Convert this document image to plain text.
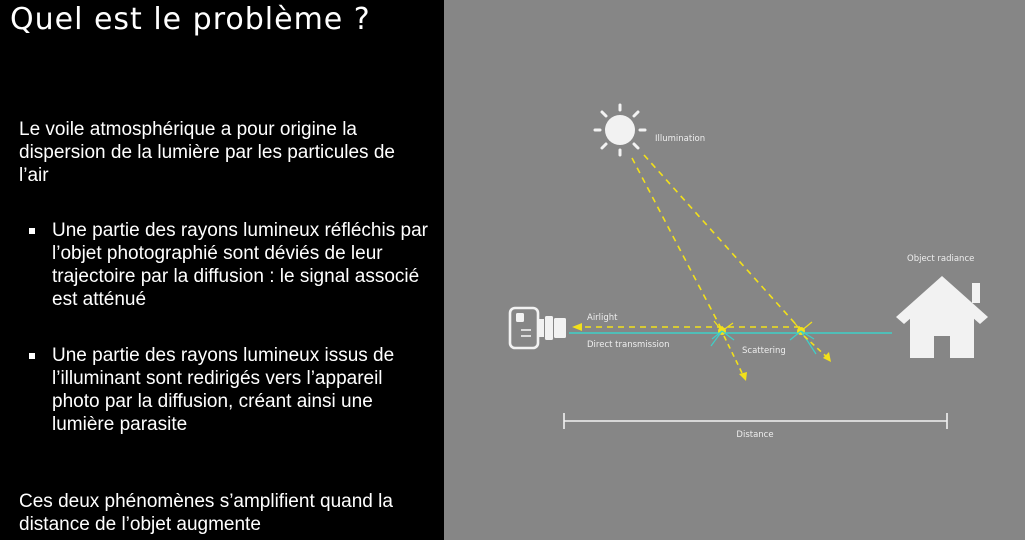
Quel est le problème ?
Le voile atmosphérique a pour origine la dispersion de la lumière par les particules de l’air
Une partie des rayons lumineux réfléchis par l’objet photographié sont déviés de leur trajectoire par la diffusion : le signal associé est atténué
Une partie des rayons lumineux issus de l’illuminant sont redirigés vers l’appareil photo par la diffusion, créant ainsi une lumière parasite
Ces deux phénomènes s’amplifient quand la distance de l’objet augmente
Illumination
Airlight
Direct transmission
Scattering
Object radiance
Distance
